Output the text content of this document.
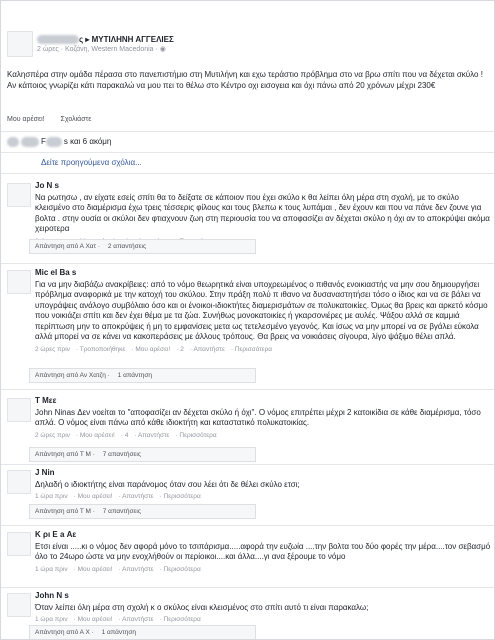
ς ▸ ΜΥΤΙΛΗΝΗ ΑΓΓΕΛΙΕΣ
2 ώρες · Κοζάνη, Western Macedonia · ◉
Καλησπέρα στην ομάδα πέρασα στο πανεπιστήμιο στη Μυτιλήνη και εχω τεράστιο πρόβλημα στο να βρω σπίτι που να δέχεται σκύλο ! Αν κάποιος γνωρίζει κάτι παρακαλώ να μου πει το θέλω στο Κέντρο οχι εισογεια και όχι πάνω από 20 χρόνων μέχρι 230€
Μου αρέσει! Σχολιάστε
F s και 6 ακόμη
Δείτε προηγούμενα σχόλια...
Jo N s
Να ρωτησω , αν είχατε εσείς σπίτι θα το δείξατε σε κάποιον που έχει σκύλο κ θα λείπει όλη μέρα στη σχολή, με το σκύλο κλεισμένο στο διαμέρισμα έχω τρεις τέσσερις φίλους και τους βλεπω κ τους λυπάμαι , δεν έχουν και που να πάνε δεν ζουνε για βολτα . στην ουσία οι σκύλοι δεν φτιαχνουν ζωη στη περιουσία του να αποφασίζει αν δέχεται σκύλο η όχι αν το αποκρύψει ακόμα χειροτερα
Απάντηση από Α Χατ · 2 απαντήσεις
Mic el Ba s
Για να μην διαβάζω ανακρίβειες: από το νόμο θεωρητικά είναι υποχρεωμένος ο πιθανός ενοικιαστής να μην σου δημιουργήσει πρόβλημα αναφορικά με την κατοχή του σκύλου. Στην πράξη πολύ π ιθανο να δυσαναστητήσει τόσο ο ίδιος και να σε βάλει να υπογράψεις ανάλογο συμβόλαιο όσο και οι ένοικοι-ιδιοκτήτες διαμερισμάτων σε πολυκατοικίες. Όμως θα βρεις και αρκετό κόσμο που νοικιάζει σπίτι και δεν έχει θέμα με τα ζώα. Συνήθως μονοκατοικίες ή γκαρσονιέρες με αυλές. Ψάξου αλλά σε καμμιά περίπτωση μην το αποκρύψεις ή μη το εμφανίσεις μετα ως τετελεσμένο γεγονός. Και ίσως να μην μπορεί να σε βγάλει εύκολα αλλά μπορεί να σε κάνει να κακοπεράσεις με άλλους τρόπους. Θα βρεις να νοικιάσεις σίγουρα, λίγο ψάξιμο θέλει απλά.
2 ώρες πριν · Τροποποιήθηκε · Μου αρέσει! · 2 · Απαντήστε · Περισσότερα
Απάντηση από Αν Χατζη · 1 απάντηση
T Μεε
John Ninas Δεν νοείται το "αποφασίζει αν δέχεται σκύλο ή όχι". Ο νόμος επιτρέπει μέχρι 2 κατοικίδια σε κάθε διαμέρισμα, τόσο απλά. Ο νόμος είναι πάνω από κάθε ιδιοκτήτη και καταστατικό πολυκατοικίας.
2 ώρες πριν · Μου αρέσει! · 4 · Απαντήστε · Περισσότερα
Απάντηση από Τ Μ · 7 απαντήσεις
J Nin
Δηλαδή ο ιδιοκτήτης είναι παράνομος όταν σου λέει ότι δε θέλει σκύλο ετσι;
1 ώρα πριν · Μου αρέσει! · Απαντήστε · Περισσότερα
Απάντηση από Τ Μ · 7 απαντήσεις
K ρι Ε a Αε
Ετσι είναι .....κι ο νόμος δεν αφορά μόνο το τσιπάρισμα.....αφορά την ευζωία ....την βολτα του δύο φορές την μέρα....τον σεβασμό όλο το 24ωρο ώστε να μην ενοχλήθούν οι περίοικοι....και άλλα....γι ανα ξέρουμε το νόμο
1 ώρα πριν · Μου αρέσει! · Απαντήστε · Περισσότερα
John N s
Όταν λείπει όλη μέρα στη σχολή κ ο σκύλος είναι κλεισμένος στο σπίτι αυτό τι είναι παρακαλω;
1 ώρα πριν · Μου αρέσει! · Απαντήστε · Περισσότερα
Απάντηση από Α Χ · 1 απάντηση
